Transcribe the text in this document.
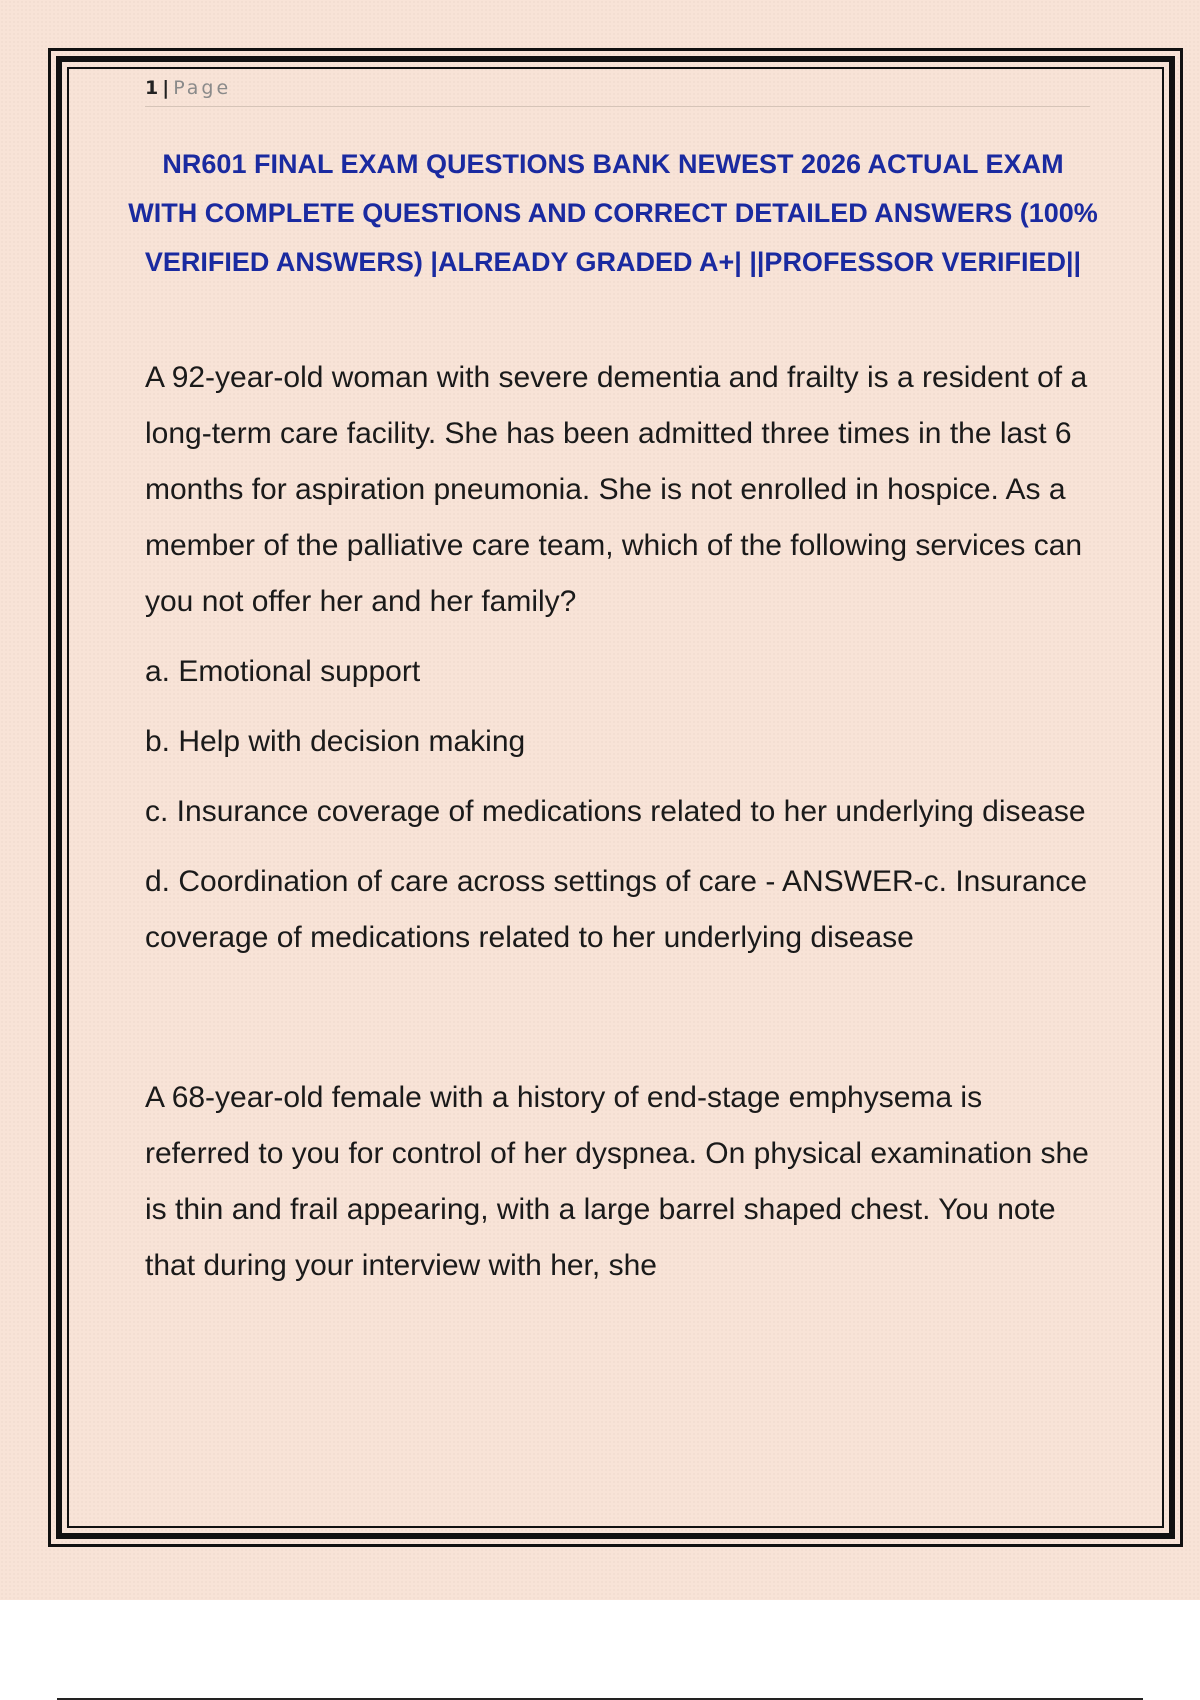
1 | Page
NR601 FINAL EXAM QUESTIONS BANK NEWEST 2026 ACTUAL EXAM WITH COMPLETE QUESTIONS AND CORRECT DETAILED ANSWERS (100% VERIFIED ANSWERS) |ALREADY GRADED A+| ||PROFESSOR VERIFIED||

A 92-year-old woman with severe dementia and frailty is a resident of a long-term care facility. She has been admitted three times in the last 6 months for aspiration pneumonia. She is not enrolled in hospice. As a member of the palliative care team, which of the following services can you not offer her and her family?

a. Emotional support

b. Help with decision making

c. Insurance coverage of medications related to her underlying disease

d. Coordination of care across settings of care - ANSWER-c. Insurance coverage of medications related to her underlying disease

A 68-year-old female with a history of end-stage emphysema is referred to you for control of her dyspnea. On physical examination she is thin and frail appearing, with a large barrel shaped chest. You note that during your interview with her, she
